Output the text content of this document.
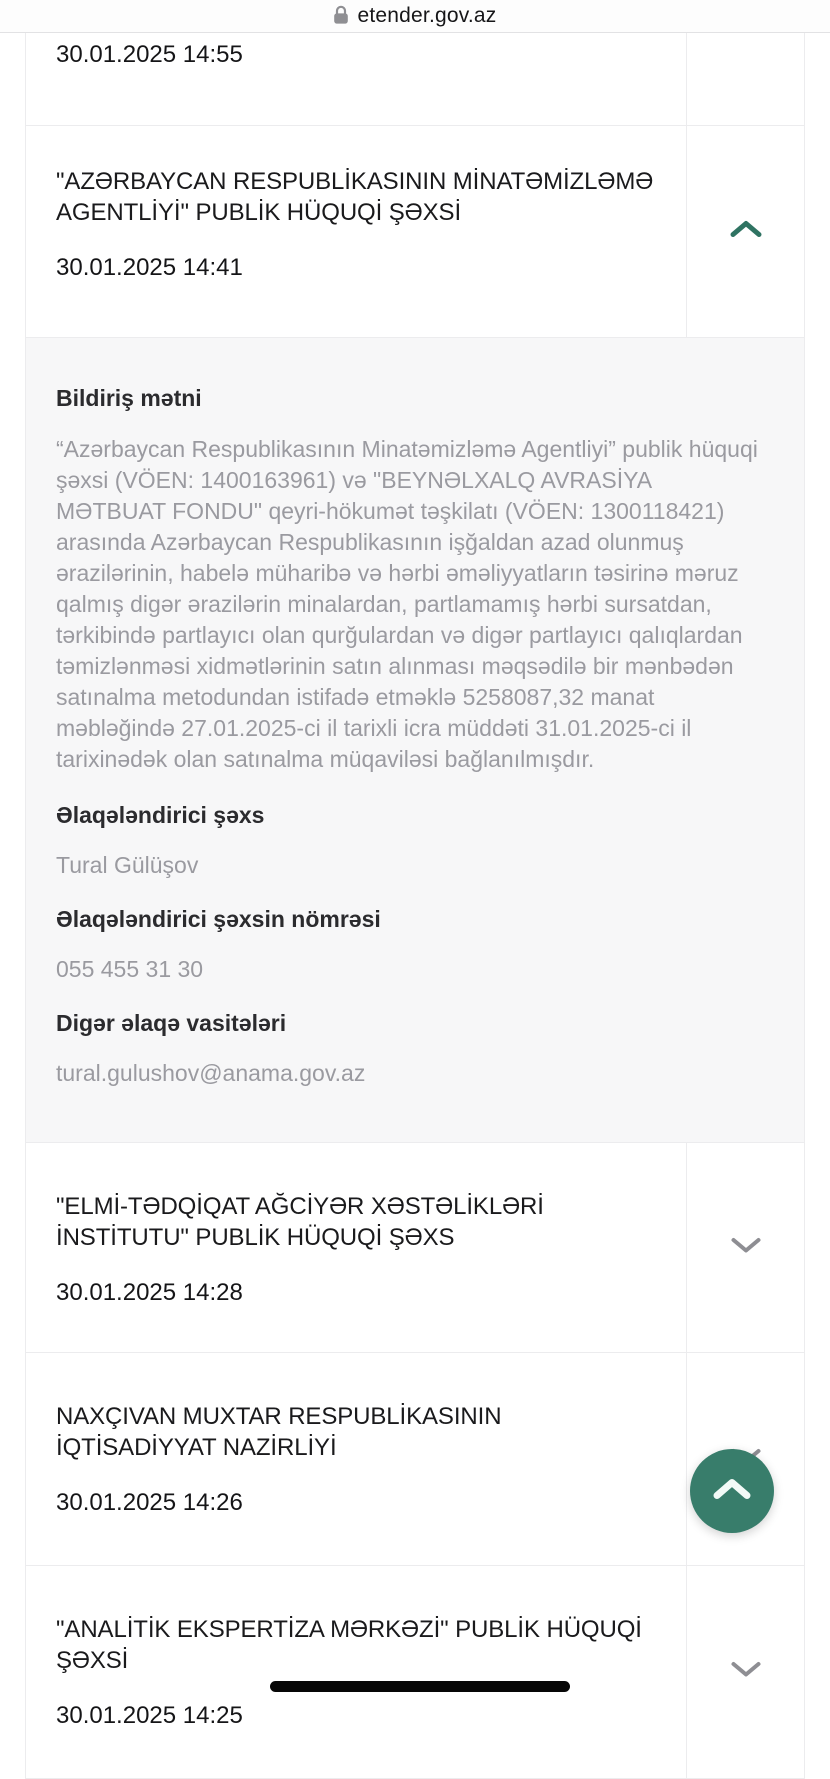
etender.gov.az
30.01.2025 14:55
"AZƏRBAYCAN RESPUBLİKASININ MİNATƏMİZLƏMƏ AGENTLİYİ" PUBLİK HÜQUQİ ŞƏXSİ
30.01.2025 14:41
Bildiriş mətni
“Azərbaycan Respublikasının Minatəmizləmə Agentliyi” publik hüquqi şəxsi (VÖEN: 1400163961) və "BEYNƏLXALQ AVRASİYA MƏTBUAT FONDU" qeyri-hökumət təşkilatı (VÖEN: 1300118421) arasında Azərbaycan Respublikasının işğaldan azad olunmuş ərazilərinin, habelə müharibə və hərbi əməliyyatların təsirinə məruz qalmış digər ərazilərin minalardan, partlamamış hərbi sursatdan, tərkibində partlayıcı olan qurğulardan və digər partlayıcı qalıqlardan təmizlənməsi xidmətlərinin satın alınması məqsədilə bir mənbədən satınalma metodundan istifadə etməklə 5258087,32 manat məbləğində 27.01.2025-ci il tarixli icra müddəti 31.01.2025-ci il tarixinədək olan satınalma müqaviləsi bağlanılmışdır.
Əlaqələndirici şəxs
Tural Gülüşov
Əlaqələndirici şəxsin nömrəsi
055 455 31 30
Digər əlaqə vasitələri
tural.gulushov@anama.gov.az
"ELMİ-TƏDQİQAT AĞCİYƏR XƏSTƏLİKLƏRİ İNSTİTUTU" PUBLİK HÜQUQİ ŞƏXS
30.01.2025 14:28
NAXÇIVAN MUXTAR RESPUBLİKASININ İQTİSADİYYAT NAZİRLİYİ
30.01.2025 14:26
"ANALİTİK EKSPERTİZA MƏRKƏZİ" PUBLİK HÜQUQİ ŞƏXSİ
30.01.2025 14:25
